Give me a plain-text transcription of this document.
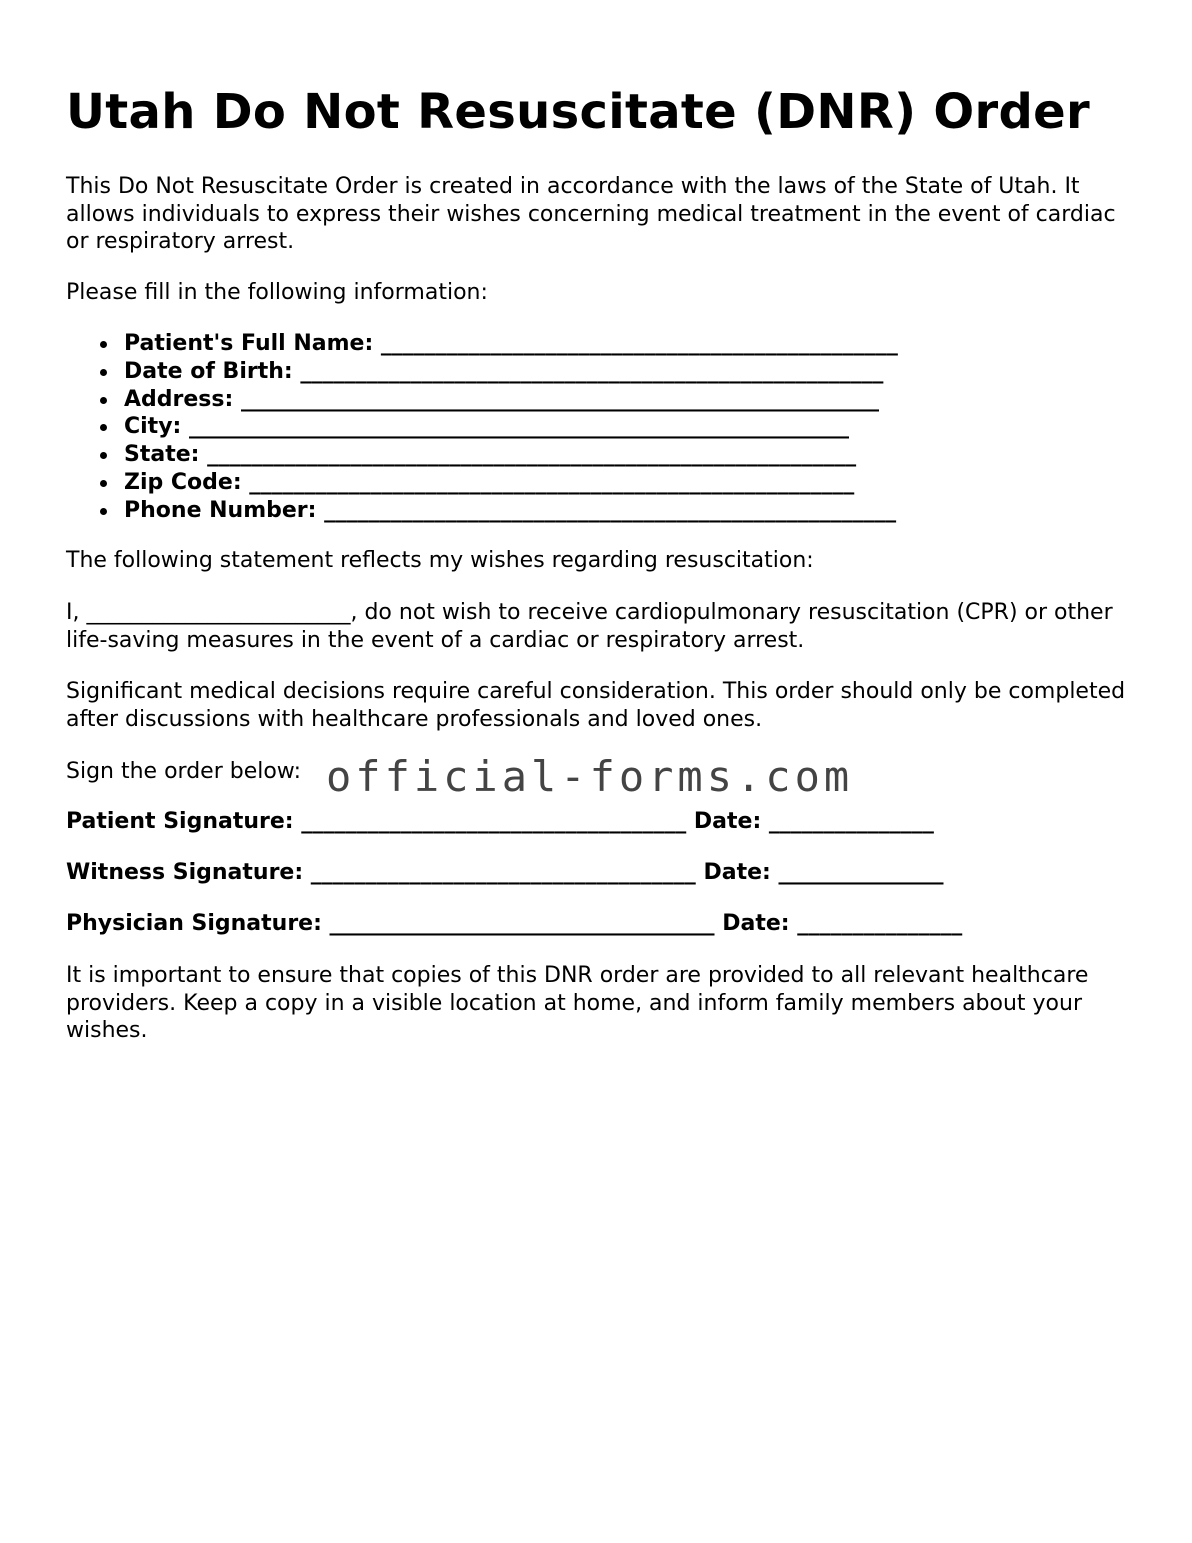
Utah Do Not Resuscitate (DNR) Order

This Do Not Resuscitate Order is created in accordance with the laws of the State of Utah. It allows individuals to express their wishes concerning medical treatment in the event of cardiac or respiratory arrest.

Please fill in the following information:

Patient's Full Name: _______________________________________________
Date of Birth: _____________________________________________________
Address: __________________________________________________________
City: ____________________________________________________________
State: ___________________________________________________________
Zip Code: _______________________________________________________
Phone Number: ____________________________________________________

The following statement reflects my wishes regarding resuscitation:

I, ________________________, do not wish to receive cardiopulmonary resuscitation (CPR) or other life-saving measures in the event of a cardiac or respiratory arrest.

Significant medical decisions require careful consideration. This order should only be completed after discussions with healthcare professionals and loved ones.

Sign the order below: official-forms.com
Patient Signature: ___________________________________ Date: _______________
Witness Signature: ___________________________________ Date: _______________
Physician Signature: ___________________________________ Date: _______________

It is important to ensure that copies of this DNR order are provided to all relevant healthcare providers. Keep a copy in a visible location at home, and inform family members about your wishes.
